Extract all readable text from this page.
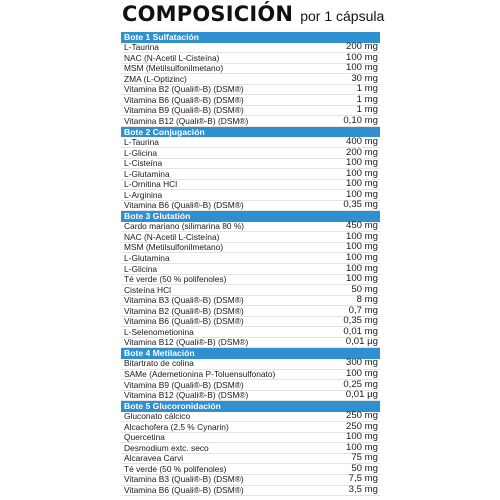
COMPOSICIÓN por 1 cápsula
Bote 1 Sulfatación
L-Taurina	200 mg
NAC (N-Acetil L-Cisteína)	100 mg
MSM (Metilsulfonilmetano)	100 mg
ZMA (L-Optizinc)	30 mg
Vitamina B2 (Quali®-B) (DSM®)	1 mg
Vitamina B6 (Quali®-B) (DSM®)	1 mg
Vitamina B9 (Quali®-B) (DSM®)	1 mg
Vitamina B12 (Quali®-B) (DSM®)	0,10 mg
Bote 2 Conjugación
L-Taurina	400 mg
L-Glicina	200 mg
L-Cisteína	100 mg
L-Glutamina	100 mg
L-Ornitina HCl	100 mg
L-Arginina	100 mg
Vitamina B6 (Quali®-B) (DSM®)	0,35 mg
Bote 3 Glutatión
Cardo mariano (silimarina 80 %)	450 mg
NAC (N-Acetil L-Cisteína)	100 mg
MSM (Metilsulfonilmetano)	100 mg
L-Glutamina	100 mg
L-Glicina	100 mg
Té verde (50 % polifenoles)	100 mg
Cisteína HCl	50 mg
Vitamina B3 (Quali®-B) (DSM®)	8 mg
Vitamina B2 (Quali®-B) (DSM®)	0,7 mg
Vitamina B6 (Quali®-B) (DSM®)	0,35 mg
L-Selenometionina	0,01 mg
Vitamina B12 (Quali®-B) (DSM®)	0,01 µg
Bote 4 Metilación
Bitartrato de colina	300 mg
SAMe (Ademetionina P-Toluensulfonato)	100 mg
Vitamina B9 (Quali®-B) (DSM®)	0,25 mg
Vitamina B12 (Quali®-B) (DSM®)	0,01 µg
Bote 5 Glucoronidación
Gluconato cálcico	250 mg
Alcachofera (2,5 % Cynarin)	250 mg
Quercetina	100 mg
Desmodium extc. seco	100 mg
Alcaravea Carvi	75 mg
Té verde (50 % polifenoles)	50 mg
Vitamina B3 (Quali®-B) (DSM®)	7,5 mg
Vitamina B6 (Quali®-B) (DSM®)	3,5 mg
